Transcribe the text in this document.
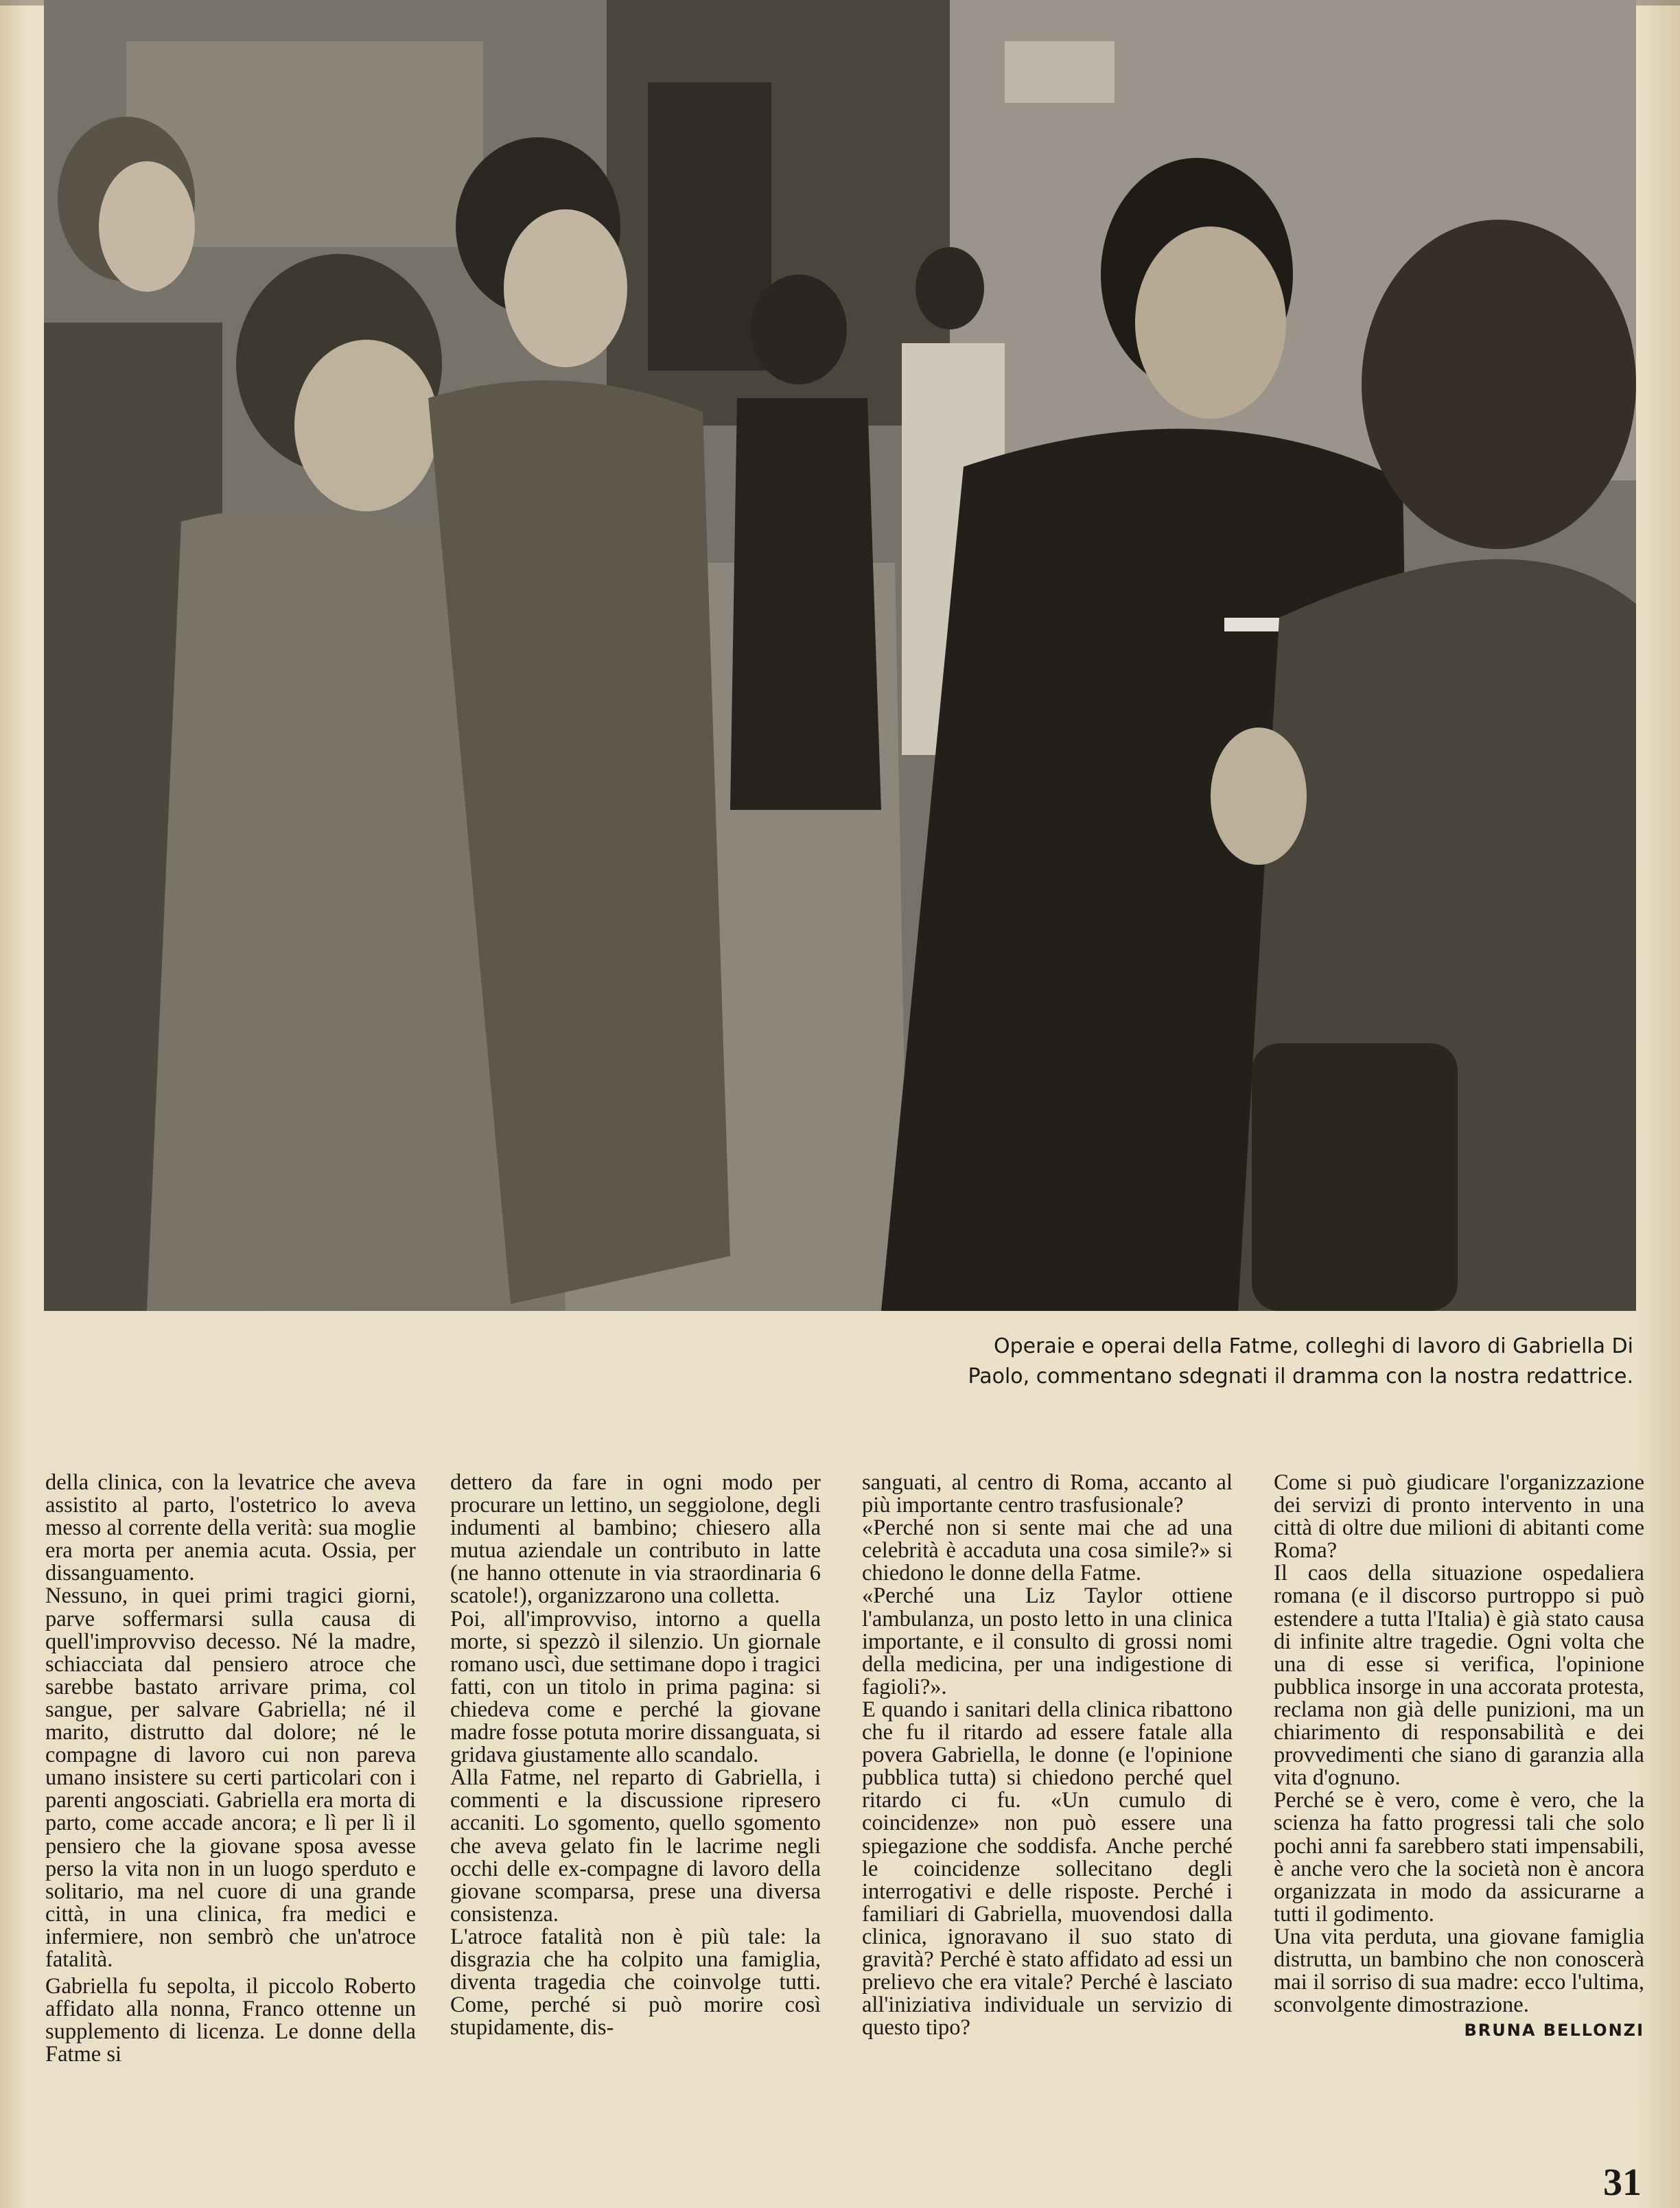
Operaie e operai della Fatme, colleghi di lavoro di Gabriella Di Paolo, commentano sdegnati il dramma con la nostra redattrice.

della clinica, con la levatrice che aveva assistito al parto, l'ostetrico lo aveva messo al corrente della verità: sua moglie era morta per anemia acuta. Ossia, per dissanguamento.

Nessuno, in quei primi tragici giorni, parve soffermarsi sulla causa di quell'improvviso decesso. Né la madre, schiacciata dal pensiero atroce che sarebbe bastato arrivare prima, col sangue, per salvare Gabriella; né il marito, distrutto dal dolore; né le compagne di lavoro cui non pareva umano insistere su certi particolari con i parenti angosciati. Gabriella era morta di parto, come accade ancora; e lì per lì il pensiero che la giovane sposa avesse perso la vita non in un luogo sperduto e solitario, ma nel cuore di una grande città, in una clinica, fra medici e infermiere, non sembrò che un'atroce fatalità.

Gabriella fu sepolta, il piccolo Roberto affidato alla nonna, Franco ottenne un supplemento di licenza. Le donne della Fatme si

dettero da fare in ogni modo per procurare un lettino, un seggiolone, degli indumenti al bambino; chiesero alla mutua aziendale un contributo in latte (ne hanno ottenute in via straordinaria 6 scatole!), organizzarono una colletta.

Poi, all'improvviso, intorno a quella morte, si spezzò il silenzio. Un giornale romano uscì, due settimane dopo i tragici fatti, con un titolo in prima pagina: si chiedeva come e perché la giovane madre fosse potuta morire dissanguata, si gridava giustamente allo scandalo.

Alla Fatme, nel reparto di Gabriella, i commenti e la discussione ripresero accaniti. Lo sgomento, quello sgomento che aveva gelato fin le lacrime negli occhi delle ex-compagne di lavoro della giovane scomparsa, prese una diversa consistenza.

L'atroce fatalità non è più tale: la disgrazia che ha colpito una famiglia, diventa tragedia che coinvolge tutti. Come, perché si può morire così stupidamente, dis-

sanguati, al centro di Roma, accanto al più importante centro trasfusionale?

«Perché non si sente mai che ad una celebrità è accaduta una cosa simile?» si chiedono le donne della Fatme.

«Perché una Liz Taylor ottiene l'ambulanza, un posto letto in una clinica importante, e il consulto di grossi nomi della medicina, per una indigestione di fagioli?».

E quando i sanitari della clinica ribattono che fu il ritardo ad essere fatale alla povera Gabriella, le donne (e l'opinione pubblica tutta) si chiedono perché quel ritardo ci fu. «Un cumulo di coincidenze» non può essere una spiegazione che soddisfa. Anche perché le coincidenze sollecitano degli interrogativi e delle risposte. Perché i familiari di Gabriella, muovendosi dalla clinica, ignoravano il suo stato di gravità? Perché è stato affidato ad essi un prelievo che era vitale? Perché è lasciato all'iniziativa individuale un servizio di questo tipo?

Come si può giudicare l'organizzazione dei servizi di pronto intervento in una città di oltre due milioni di abitanti come Roma?

Il caos della situazione ospedaliera romana (e il discorso purtroppo si può estendere a tutta l'Italia) è già stato causa di infinite altre tragedie. Ogni volta che una di esse si verifica, l'opinione pubblica insorge in una accorata protesta, reclama non già delle punizioni, ma un chiarimento di responsabilità e dei provvedimenti che siano di garanzia alla vita d'ognuno.

Perché se è vero, come è vero, che la scienza ha fatto progressi tali che solo pochi anni fa sarebbero stati impensabili, è anche vero che la società non è ancora organizzata in modo da assicurarne a tutti il godimento.

Una vita perduta, una giovane famiglia distrutta, un bambino che non conoscerà mai il sorriso di sua madre: ecco l'ultima, sconvolgente dimostrazione.

BRUNA BELLONZI
31
